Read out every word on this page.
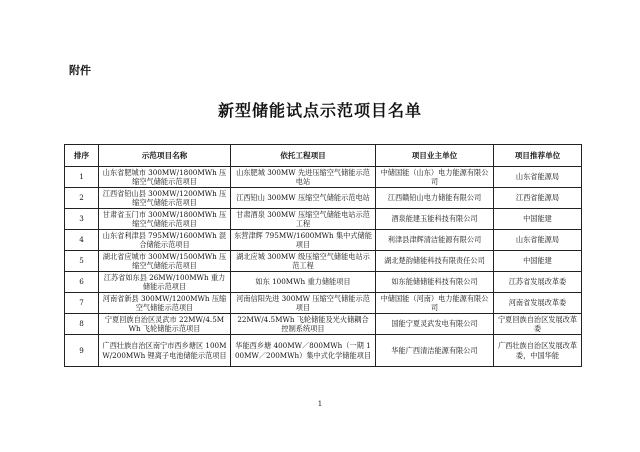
附件
新型储能试点示范项目名单
排序	示范项目名称	依托工程项目	项目业主单位	项目推荐单位
1	山东省肥城市 300MW/1800MWh 压缩空气储能示范项目	山东肥城 300MW 先进压缩空气储能示范电站	中储国能（山东）电力能源有限公司	山东省能源局
2	江西省铅山县 300MW/1200MWh 压缩空气储能示范项目	江西铅山 300MW 压缩空气储能示范电站	江西赣铅山电力储能有限公司	江西省能源局
3	甘肃省玉门市 300MW/1800MWh 压缩空气储能示范项目	甘肃酒泉 300MW 压缩空气储能电站示范工程	酒泉能建玉能科技有限公司	中国能建
4	山东省利津县 795MW/1600MWh 混合储能示范项目	东营津辉 795MW/1600MWh 集中式储能项目	利津县津辉清洁能源有限公司	山东省能源局
5	湖北省应城市 300MW/1500MWh 压缩空气储能示范项目	湖北应城 300MW 级压缩空气储能电站示范工程	湖北楚韵储能科技有限责任公司	中国能建
6	江苏省如东县 26MW/100MWh 重力储能示范项目	如东 100MWh 重力储能项目	如东能储储能科技有限公司	江苏省发展改革委
7	河南省新县 300MW/1200MWh 压缩空气储能示范项目	河南信阳先进 300MW 压缩空气储能示范项目	中储国能（河南）电力能源有限公司	河南省发展改革委
8	宁夏回族自治区灵武市 22MW/4.5MWh 飞轮储能示范项目	22MW/4.5MWh 飞轮储能及光火储耦合控制系统项目	国能宁夏灵武发电有限公司	宁夏回族自治区发展改革委
9	广西壮族自治区南宁市西乡塘区 100MW/200MWh 锂离子电池储能示范项目	华能西乡塘 400MW／800MWh（一期 100MW／200MWh）集中式化学储能项目	华能广西清洁能源有限公司	广西壮族自治区发展改革委，中国华能
1
